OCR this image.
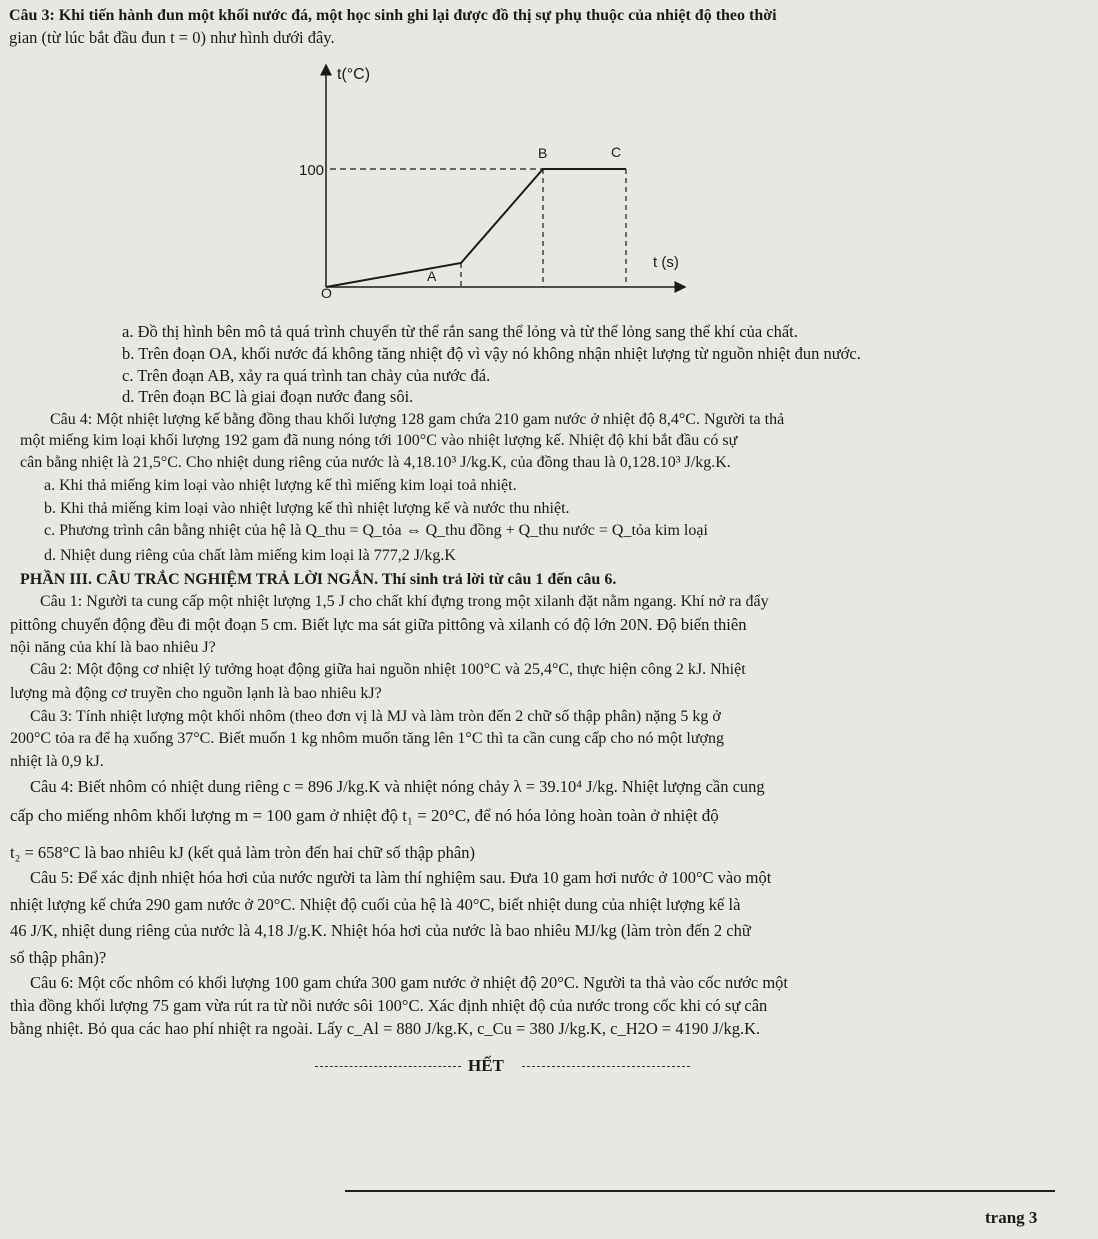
Câu 3: Khi tiến hành đun một khối nước đá, một học sinh ghi lại được đồ thị sự phụ thuộc của nhiệt độ theo thời
gian (từ lúc bắt đầu đun t = 0) như hình dưới đây.
t(°C)
t (s)
100
O
A
B	C
a. Đồ thị hình bên mô tả quá trình chuyển từ thể rắn sang thể lỏng và từ thể lỏng sang thể khí của chất.
b. Trên đoạn OA, khối nước đá không tăng nhiệt độ vì vậy nó không nhận nhiệt lượng từ nguồn nhiệt đun nước.
c. Trên đoạn AB, xảy ra quá trình tan chảy của nước đá.
d. Trên đoạn BC là giai đoạn nước đang sôi.
Câu 4: Một nhiệt lượng kế bằng đồng thau khối lượng 128 gam chứa 210 gam nước ở nhiệt độ 8,4°C. Người ta thả
một miếng kim loại khối lượng 192 gam đã nung nóng tới 100°C vào nhiệt lượng kế. Nhiệt độ khi bắt đầu có sự
cân bằng nhiệt là 21,5°C. Cho nhiệt dung riêng của nước là 4,18.10³ J/kg.K, của đồng thau là 0,128.10³ J/kg.K.
a. Khi thả miếng kim loại vào nhiệt lượng kế thì miếng kim loại toả nhiệt.
b. Khi thả miếng kim loại vào nhiệt lượng kế thì nhiệt lượng kế và nước thu nhiệt.
c. Phương trình cân bằng nhiệt của hệ là Q_thu = Q_tỏa ⇔ Q_thu đồng + Q_thu nước = Q_tỏa kim loại
d. Nhiệt dung riêng của chất làm miếng kim loại là 777,2 J/kg.K
PHẦN III. CÂU TRẮC NGHIỆM TRẢ LỜI NGẮN. Thí sinh trả lời từ câu 1 đến câu 6.
Câu 1: Người ta cung cấp một nhiệt lượng 1,5 J cho chất khí đựng trong một xilanh đặt nằm ngang. Khí nở ra đẩy
pittông chuyển động đều đi một đoạn 5 cm. Biết lực ma sát giữa pittông và xilanh có độ lớn 20N. Độ biến thiên
nội năng của khí là bao nhiêu J?
Câu 2: Một động cơ nhiệt lý tưởng hoạt động giữa hai nguồn nhiệt 100°C và 25,4°C, thực hiện công 2 kJ. Nhiệt
lượng mà động cơ truyền cho nguồn lạnh là bao nhiêu kJ?
Câu 3: Tính nhiệt lượng một khối nhôm (theo đơn vị là MJ và làm tròn đến 2 chữ số thập phân) nặng 5 kg ở
200°C tỏa ra để hạ xuống 37°C. Biết muốn 1 kg nhôm muốn tăng lên 1°C thì ta cần cung cấp cho nó một lượng
nhiệt là 0,9 kJ.
Câu 4: Biết nhôm có nhiệt dung riêng c = 896 J/kg.K và nhiệt nóng chảy λ = 39.10⁴ J/kg. Nhiệt lượng cần cung
cấp cho miếng nhôm khối lượng m = 100 gam ở nhiệt độ t₁ = 20°C, để nó hóa lỏng hoàn toàn ở nhiệt độ
t₂ = 658°C là bao nhiêu kJ (kết quả làm tròn đến hai chữ số thập phân)
Câu 5: Để xác định nhiệt hóa hơi của nước người ta làm thí nghiệm sau. Đưa 10 gam hơi nước ở 100°C vào một
nhiệt lượng kế chứa 290 gam nước ở 20°C. Nhiệt độ cuối của hệ là 40°C, biết nhiệt dung của nhiệt lượng kế là
46 J/K, nhiệt dung riêng của nước là 4,18 J/g.K. Nhiệt hóa hơi của nước là bao nhiêu MJ/kg (làm tròn đến 2 chữ
số thập phân)?
Câu 6: Một cốc nhôm có khối lượng 100 gam chứa 300 gam nước ở nhiệt độ 20°C. Người ta thả vào cốc nước một
thìa đồng khối lượng 75 gam vừa rút ra từ nồi nước sôi 100°C. Xác định nhiệt độ của nước trong cốc khi có sự cân
bằng nhiệt. Bỏ qua các hao phí nhiệt ra ngoài. Lấy c_Al = 880 J/kg.K, c_Cu = 380 J/kg.K, c_H2O = 4190 J/kg.K.
HẾT
trang 3
